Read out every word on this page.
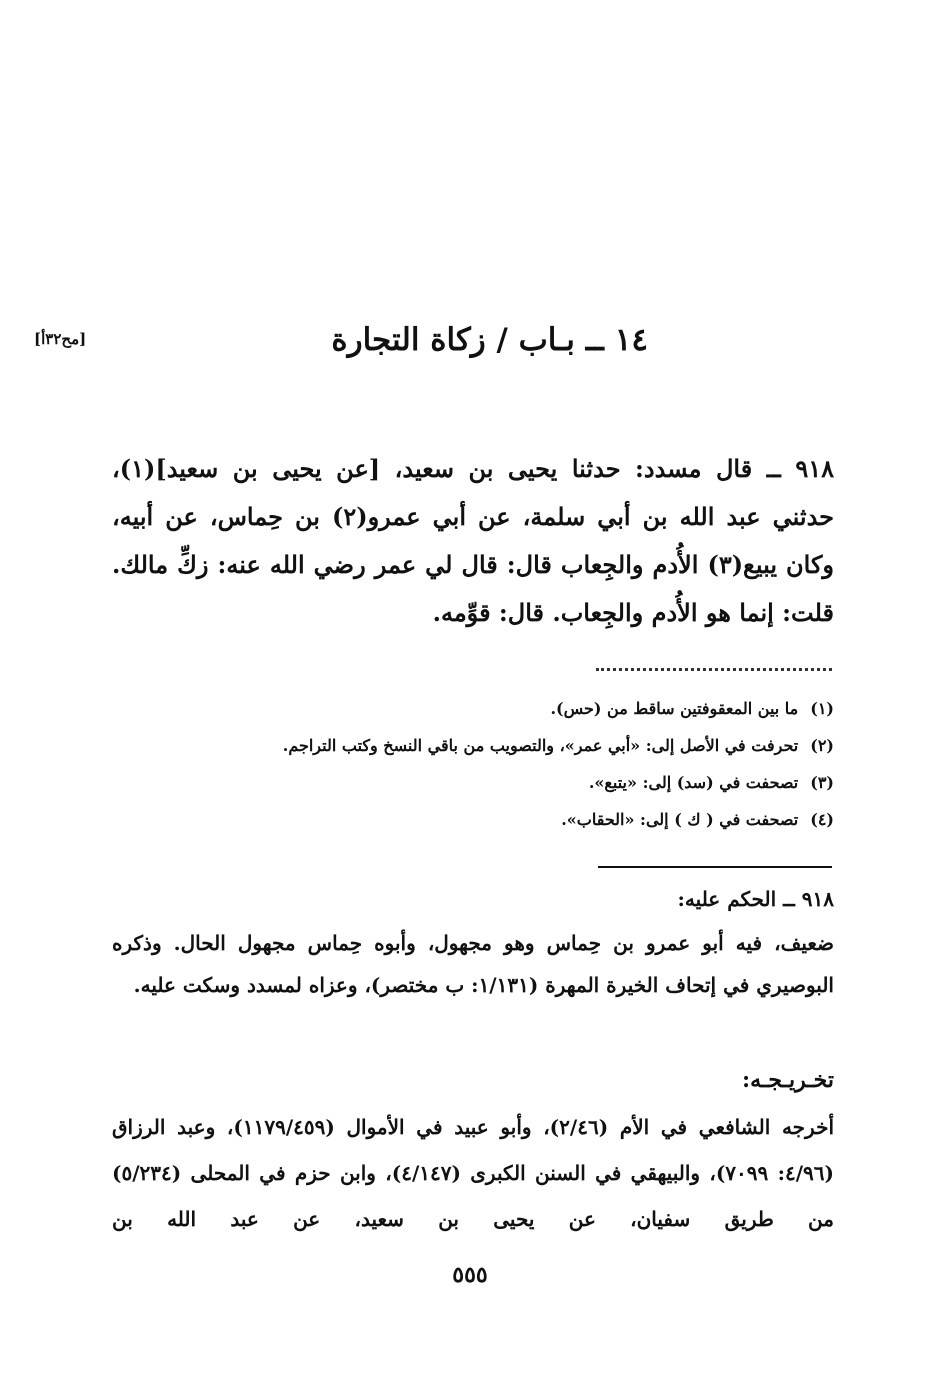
١٤ ــ بـاب / زكاة التجارة
[مح٣٢أ]

٩١٨ ــ قال مسدد: حدثنا يحيى بن سعيد، [عن يحيى بن سعيد](١)، حدثني عبد الله بن أبي سلمة، عن أبي عمرو(٢) بن حِماس، عن أبيه، وكان يبيع(٣) الأُدم والجِعاب قال: قال لي عمر رضي الله عنه: زكِّ مالك. قلت: إنما هو الأُدم والجِعاب. قال: قوِّمه.

(١)ما بين المعقوفتين ساقط من (حس).

(٢)تحرفت في الأصل إلى: «أبي عمر»، والتصويب من باقي النسخ وكتب التراجم.

(٣)تصحفت في (سد) إلى: «يتبع».

(٤)تصحفت في ( ك ) إلى: «الحقاب».

٩١٨ ــ الحكم عليه:

ضعيف، فيه أبو عمرو بن حِماس وهو مجهول، وأبوه حِماس مجهول الحال. وذكره البوصيري في إتحاف الخيرة المهرة (١/١٣١: ب مختصر)، وعزاه لمسدد وسكت عليه.

تخـريـجـه:

أخرجه الشافعي في الأم (٢/٤٦)، وأبو عبيد في الأموال (١١٧٩/٤٥٩)، وعبد الرزاق (٤/٩٦: ٧٠٩٩)، والبيهقي في السنن الكبرى (٤/١٤٧)، وابن حزم في المحلى (٥/٢٣٤) من طريق سفيان، عن يحيى بن سعيد، عن عبد الله بن

٥٥٥
